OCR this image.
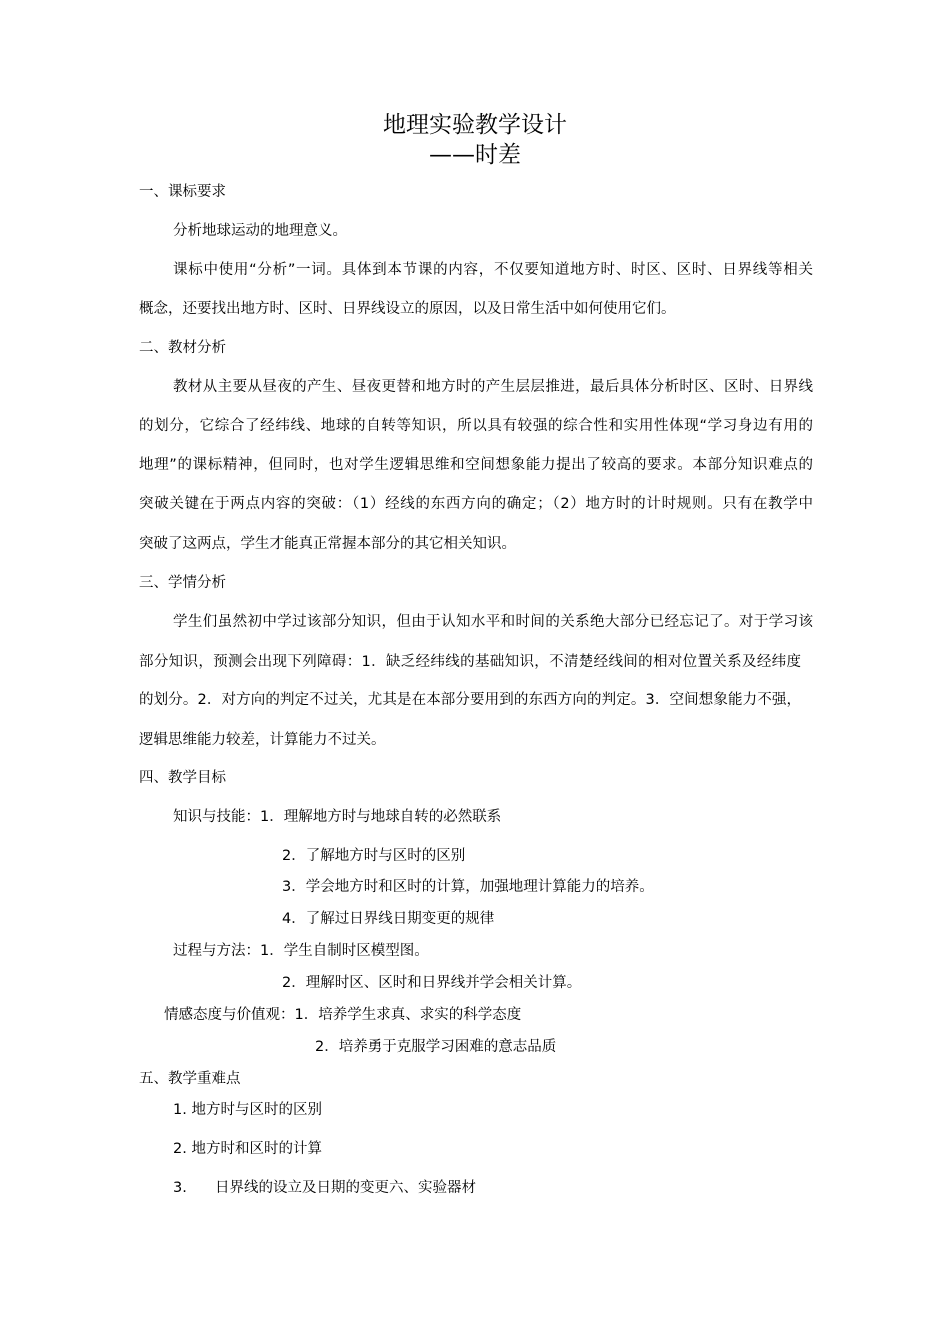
地理实验教学设计
——时差
一、课标要求
分析地球运动的地理意义。
课标中使用“分析”一词。具体到本节课的内容，不仅要知道地方时、时区、区时、日界线等相关
概念，还要找出地方时、区时、日界线设立的原因，以及日常生活中如何使用它们。
二、教材分析
教材从主要从昼夜的产生、昼夜更替和地方时的产生层层推进，最后具体分析时区、区时、日界线
的划分，它综合了经纬线、地球的自转等知识，所以具有较强的综合性和实用性体现“学习身边有用的
地理”的课标精神，但同时，也对学生逻辑思维和空间想象能力提出了较高的要求。本部分知识难点的
突破关键在于两点内容的突破：（1）经线的东西方向的确定；（2）地方时的计时规则。只有在教学中
突破了这两点，学生才能真正常握本部分的其它相关知识。
三、学情分析
学生们虽然初中学过该部分知识，但由于认知水平和时间的关系绝大部分已经忘记了。对于学习该
部分知识，预测会出现下列障碍：1．缺乏经纬线的基础知识，不清楚经线间的相对位置关系及经纬度
的划分。2．对方向的判定不过关，尤其是在本部分要用到的东西方向的判定。3．空间想象能力不强，
逻辑思维能力较差，计算能力不过关。
四、教学目标
知识与技能：1．理解地方时与地球自转的必然联系
2．了解地方时与区时的区别
3．学会地方时和区时的计算，加强地理计算能力的培养。
4．了解过日界线日期变更的规律
过程与方法：1．学生自制时区模型图。
2．理解时区、区时和日界线并学会相关计算。
情感态度与价值观：1．培养学生求真、求实的科学态度
2．培养勇于克服学习困难的意志品质
五、教学重难点
1. 地方时与区时的区别
2. 地方时和区时的计算
3. 日界线的设立及日期的变更六、实验器材
